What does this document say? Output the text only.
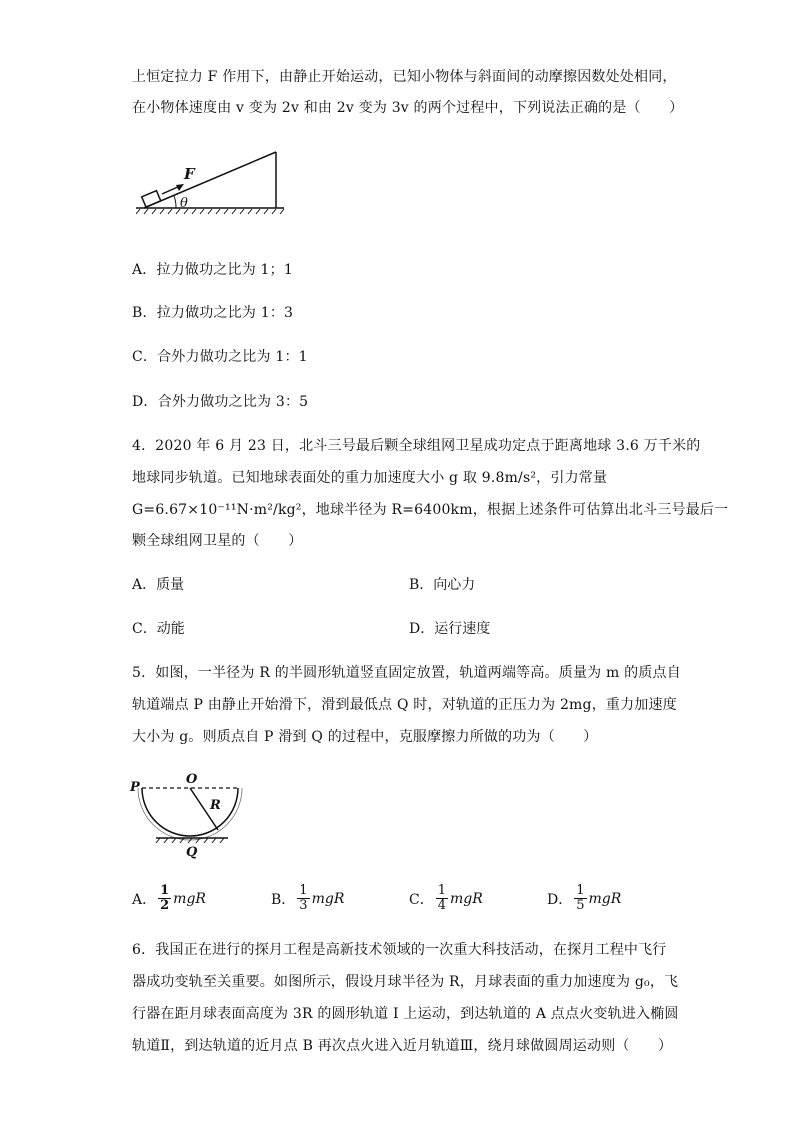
上恒定拉力 F 作用下，由静止开始运动，已知小物体与斜面间的动摩擦因数处处相同，
在小物体速度由 v 变为 2v 和由 2v 变为 3v 的两个过程中，下列说法正确的是（　　）
F
θ
A．拉力做功之比为 1；1
B．拉力做功之比为 1：3
C．合外力做功之比为 1：1
D．合外力做功之比为 3：5
4．2020 年 6 月 23 日，北斗三号最后颗全球组网卫星成功定点于距离地球 3.6 万千米的
地球同步轨道。已知地球表面处的重力加速度大小 g 取 9.8m/s²，引力常量
G=6.67×10⁻¹¹N·m²/kg²，地球半径为 R=6400km，根据上述条件可估算出北斗三号最后一
颗全球组网卫星的（　　）
A．质量	B．向心力
C．动能	D．运行速度
5．如图，一半径为 R 的半圆形轨道竖直固定放置，轨道两端等高。质量为 m 的质点自
轨道端点 P 由静止开始滑下，滑到最低点 Q 时，对轨道的正压力为 2mg，重力加速度
大小为 g。则质点自 P 滑到 Q 的过程中，克服摩擦力所做的功为（　　）
P
O
R
Q
A． $\frac{1}{2}$ mgR	B． $\frac{1}{3}$ mgR	C． $\frac{1}{4}$ mgR	D． $\frac{1}{5}$ mgR
6．我国正在进行的探月工程是高新技术领域的一次重大科技活动，在探月工程中飞行
器成功变轨至关重要。如图所示，假设月球半径为 R，月球表面的重力加速度为 g₀，飞
行器在距月球表面高度为 3R 的圆形轨道 I 上运动，到达轨道的 A 点点火变轨进入椭圆
轨道Ⅱ，到达轨道的近月点 B 再次点火进入近月轨道Ⅲ，绕月球做圆周运动则（　　）
